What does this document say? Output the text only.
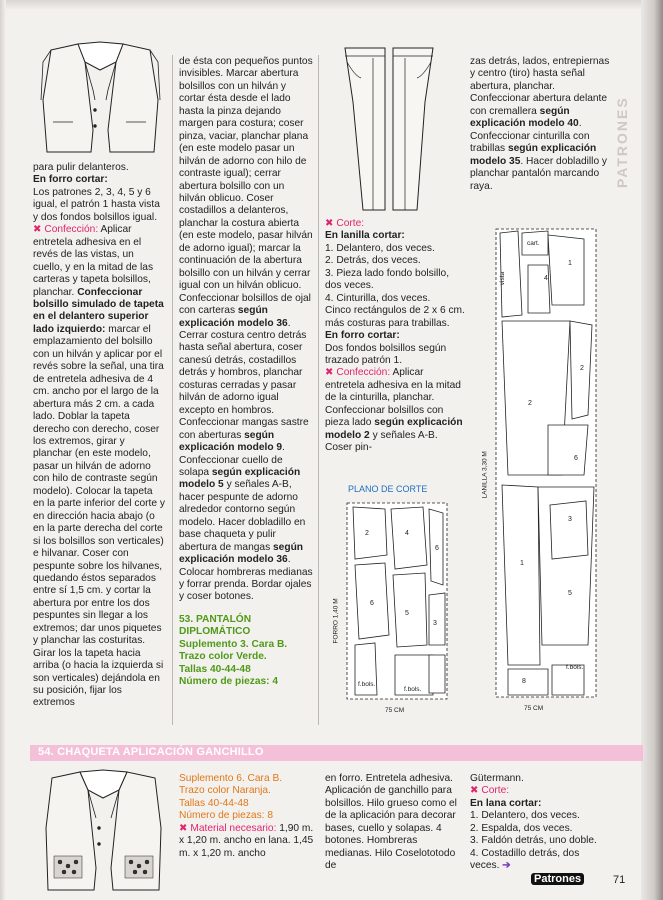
para pulir delanteros.

En forro cortar:

Los patrones 2, 3, 4, 5 y 6 igual, el patrón 1 hasta vista y dos fondos bolsillos igual.

✖ Confección: Aplicar entretela adhesiva en el revés de las vistas, un cuello, y en la mitad de las carteras y tapeta bolsillos, planchar. Confeccionar bolsillo simulado de tapeta en el delantero superior lado izquierdo: marcar el emplazamiento del bolsillo con un hilván y aplicar por el revés sobre la señal, una tira de entretela adhesiva de 4 cm. ancho por el largo de la abertura más 2 cm. a cada lado. Doblar la tapeta derecho con derecho, coser los extremos, girar y planchar (en este modelo, pasar un hilván de adorno con hilo de contraste según modelo). Colocar la tapeta en la parte inferior del corte y en dirección hacia abajo (o en la parte derecha del corte si los bolsillos son verticales) e hilvanar. Coser con pespunte sobre los hilvanes, quedando éstos separados entre sí 1,5 cm. y cortar la abertura por entre los dos pespuntes sin llegar a los extremos; dar unos piquetes y planchar las costuritas. Girar los la tapeta hacia arriba (o hacia la izquierda si son verticales) dejándola en su posición, fijar los extremos

de ésta con pequeños puntos invisibles. Marcar abertura bolsillos con un hilván y cortar ésta desde el lado hasta la pinza dejando margen para costura; coser pinza, vaciar, planchar plana (en este modelo pasar un hilván de adorno con hilo de contraste igual); cerrar abertura bolsillo con un hilván oblicuo. Coser costadillos a delanteros, planchar la costura abierta (en este modelo, pasar hilván de adorno igual); marcar la continuación de la abertura bolsillo con un hilván y cerrar igual con un hilván oblicuo. Confeccionar bolsillos de ojal con carteras según explicación modelo 36. Cerrar costura centro detrás hasta señal abertura, coser canesú detrás, costadillos detrás y hombros, planchar costuras cerradas y pasar hilván de adorno igual excepto en hombros. Confeccionar mangas sastre con aberturas según explicación modelo 9. Confeccionar cuello de solapa según explicación modelo 5 y señales A-B, hacer pespunte de adorno alrededor contorno según modelo. Hacer dobladillo en base chaqueta y pulir abertura de mangas según explicación modelo 36. Colocar hombreras medianas y forrar prenda. Bordar ojales y coser botones.

53. PANTALÓN

DIPLOMÁTICO

Suplemento 3. Cara B.

Trazo color Verde.

Tallas 40-44-48

Número de piezas: 4

✖ Corte:

En lanilla cortar:

1. Delantero, dos veces.

2. Detrás, dos veces.

3. Pieza lado fondo bolsillo, dos veces.

4. Cinturilla, dos veces.

Cinco rectángulos de 2 x 6 cm. más costuras para trabillas.

En forro cortar:

Dos fondos bolsillos según trazado patrón 1.

✖ Confección: Aplicar entretela adhesiva en la mitad de la cinturilla, planchar. Confeccionar bolsillos con pieza lado según explicación modelo 2 y señales A-B. Coser pin-

zas detrás, lados, entrepiernas y centro (tiro) hasta señal abertura, planchar. Confeccionar abertura delante con cremallera según explicación modelo 40. Confeccionar cinturilla con trabillas según explicación modelo 35. Hacer dobladillo y planchar pantalón marcando raya.	PATRONES
PLANO DE CORTE
2	4
6
6
5
3
f.bols.
f.bols.
FORRO 1,40 M
75 CM
4
1
2
2
6
3
1
5
8
vista
cart.
f.bols.
LANILLA 3,30 M
75 CM
54. CHAQUETA APLICACIÓN GANCHILLO

Suplemento 6. Cara B.

Trazo color Naranja.

Tallas 40-44-48

Número de piezas: 8

✖ Material necesario: 1,90 m. x 1,20 m. ancho en lana. 1,45 m. x 1,20 m. ancho

en forro. Entretela adhesiva. Aplicación de ganchillo para bolsillos. Hilo grueso como el de la aplicación para decorar bases, cuello y solapas. 4 botones. Hombreras medianas. Hilo Coselototodo de

Gütermann.

✖ Corte:

En lana cortar:

1. Delantero, dos veces.

2. Espalda, dos veces.

3. Faldón detrás, uno doble.

4. Costadillo detrás, dos veces. ➔

Patrones	71
